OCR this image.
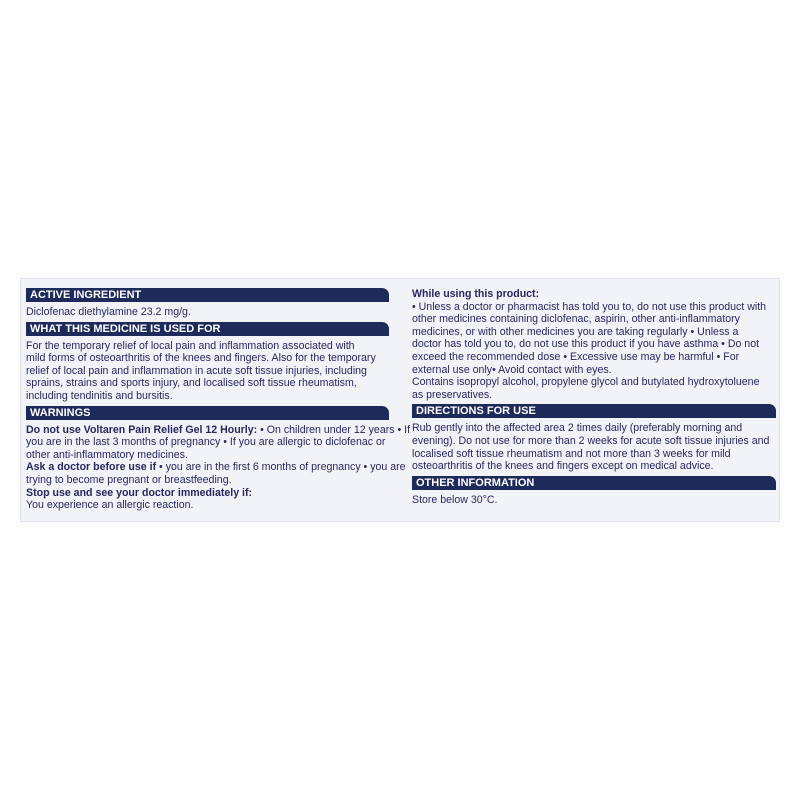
ACTIVE INGREDIENT
Diclofenac diethylamine 23.2 mg/g.
WHAT THIS MEDICINE IS USED FOR
For the temporary relief of local pain and inflammation associated with
mild forms of osteoarthritis of the knees and fingers. Also for the temporary
relief of local pain and inflammation in acute soft tissue injuries, including
sprains, strains and sports injury, and localised soft tissue rheumatism,
including tendinitis and bursitis.
WARNINGS
Do not use Voltaren Pain Relief Gel 12 Hourly: • On children under 12 years • If
you are in the last 3 months of pregnancy • If you are allergic to diclofenac or
other anti-inflammatory medicines.
Ask a doctor before use if • you are in the first 6 months of pregnancy • you are
trying to become pregnant or breastfeeding.
Stop use and see your doctor immediately if:
You experience an allergic reaction.
While using this product:
• Unless a doctor or pharmacist has told you to, do not use this product with
other medicines containing diclofenac, aspirin, other anti-inflammatory
medicines, or with other medicines you are taking regularly • Unless a
doctor has told you to, do not use this product if you have asthma • Do not
exceed the recommended dose • Excessive use may be harmful • For
external use only• Avoid contact with eyes.
Contains isopropyl alcohol, propylene glycol and butylated hydroxytoluene
as preservatives.
DIRECTIONS FOR USE
Rub gently into the affected area 2 times daily (preferably morning and
evening). Do not use for more than 2 weeks for acute soft tissue injuries and
localised soft tissue rheumatism and not more than 3 weeks for mild
osteoarthritis of the knees and fingers except on medical advice.
OTHER INFORMATION
Store below 30°C.
